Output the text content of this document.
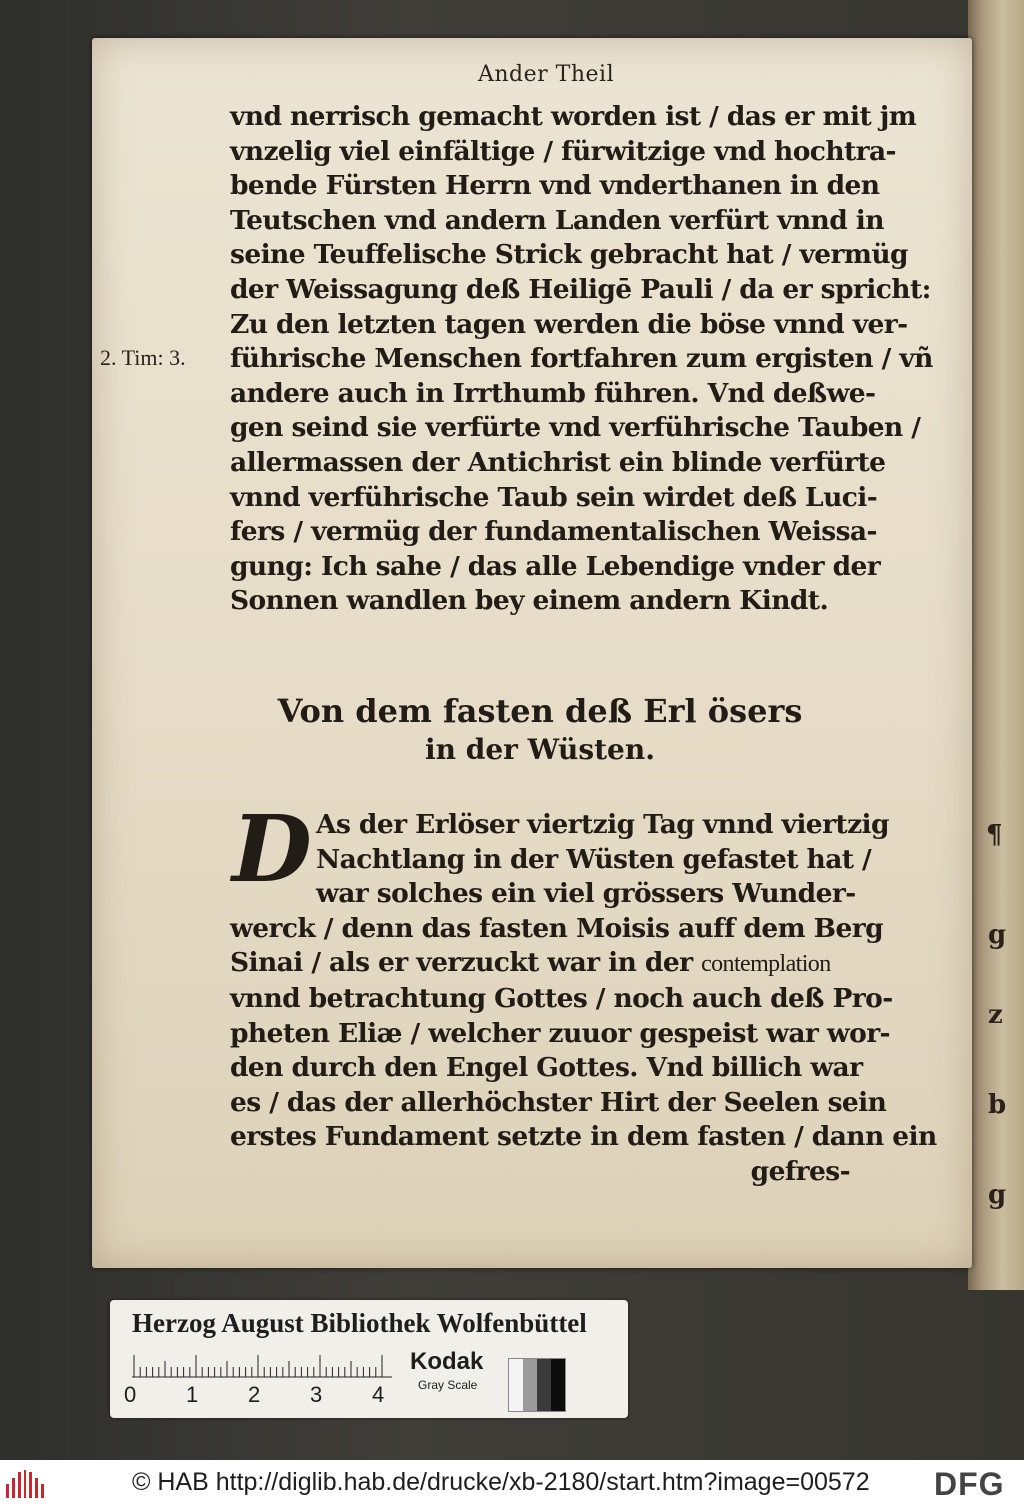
¶
g
z
b
g
Ander Theil
2. Tim: 3.
vnd nerrisch gemacht worden ist / das er mit jm
vnzelig viel einfältige / fürwitzige vnd hochtra-
bende Fürsten Herrn vnd vnderthanen in den
Teutschen vnd andern Landen verfürt vnnd in
seine Teuffelische Strick gebracht hat / vermüg
der Weissagung deß Heiligē Pauli / da er spricht:
Zu den letzten tagen werden die böse vnnd ver-
führische Menschen fortfahren zum ergisten / vñ
andere auch in Irrthumb führen. Vnd deßwe-
gen seind sie verfürte vnd verführische Tauben /
allermassen der Antichrist ein blinde verfürte
vnnd verführische Taub sein wirdet deß Luci-
fers / vermüg der fundamentalischen Weissa-
gung: Ich sahe / das alle Lebendige vnder der
Sonnen wandlen bey einem andern Kindt.
Von dem fasten deß Erl ösers
in der Wüsten.
D As der Erlöser viertzig Tag vnnd viertzig
Nachtlang in der Wüsten gefastet hat /
war solches ein viel grössers Wunder-
werck / denn das fasten Moisis auff dem Berg
Sinai / als er verzuckt war in der contemplation
vnnd betrachtung Gottes / noch auch deß Pro-
pheten Eliæ / welcher zuuor gespeist war wor-
den durch den Engel Gottes. Vnd billich war
es / das der allerhöchster Hirt der Seelen sein
erstes Fundament setzte in dem fasten / dann ein
gefres-
Herzog August Bibliothek Wolfenbüttel
0 1 2 3 4
Kodak
Gray Scale
© HAB http://diglib.hab.de/drucke/xb-2180/start.htm?image=00572 DFG
